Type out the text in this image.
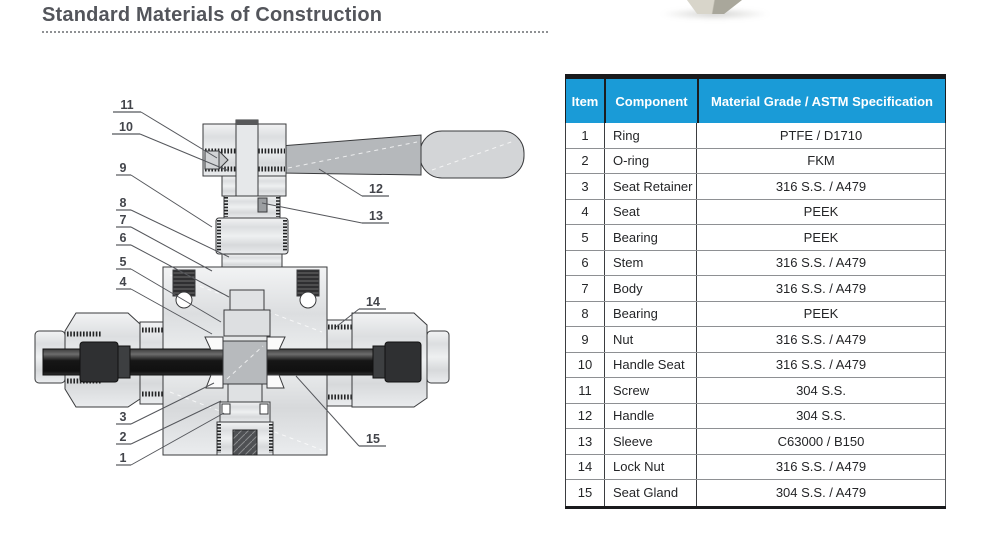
Standard Materials of Construction
1
2
3
4
5
6
7
8
9
10
11
12
13
14
15
Item	Component	Material Grade / ASTM Specification
1	Ring	PTFE / D1710
2	O-ring	FKM
3	Seat Retainer	316 S.S. / A479
4	Seat	PEEK
5	Bearing	PEEK
6	Stem	316 S.S. / A479
7	Body	316 S.S. / A479
8	Bearing	PEEK
9	Nut	316 S.S. / A479
10	Handle Seat	316 S.S. / A479
11	Screw	304 S.S.
12	Handle	304 S.S.
13	Sleeve	C63000 / B150
14	Lock Nut	316 S.S. / A479
15	Seat Gland	304 S.S. / A479
